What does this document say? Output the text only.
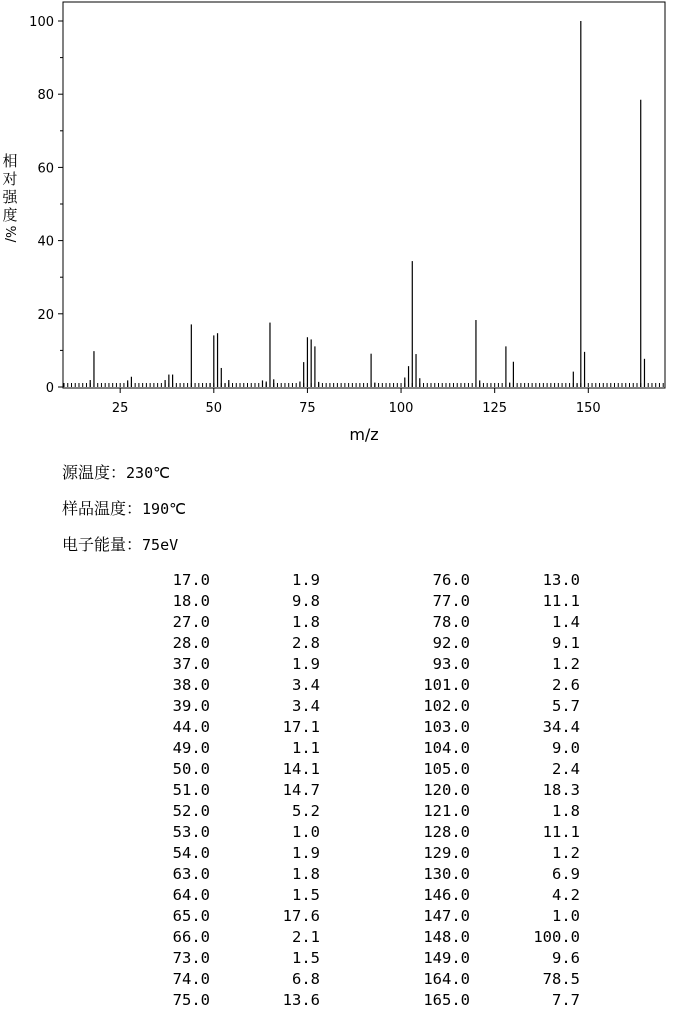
0
20
40
60
80
100
25	50	75	100	125	150
m/z
相
对
强
度
%/
源温度：230℃
样品温度：190℃
电子能量：75eV
17.0	1.9	76.0	13.0
18.0	9.8	77.0	11.1
27.0	1.8	78.0	1.4
28.0	2.8	92.0	9.1
37.0	1.9	93.0	1.2
38.0	3.4	101.0	2.6
39.0	3.4	102.0	5.7
44.0	17.1	103.0	34.4
49.0	1.1	104.0	9.0
50.0	14.1	105.0	2.4
51.0	14.7	120.0	18.3
52.0	5.2	121.0	1.8
53.0	1.0	128.0	11.1
54.0	1.9	129.0	1.2
63.0	1.8	130.0	6.9
64.0	1.5	146.0	4.2
65.0	17.6	147.0	1.0
66.0	2.1	148.0	100.0
73.0	1.5	149.0	9.6
74.0	6.8	164.0	78.5
75.0	13.6	165.0	7.7
